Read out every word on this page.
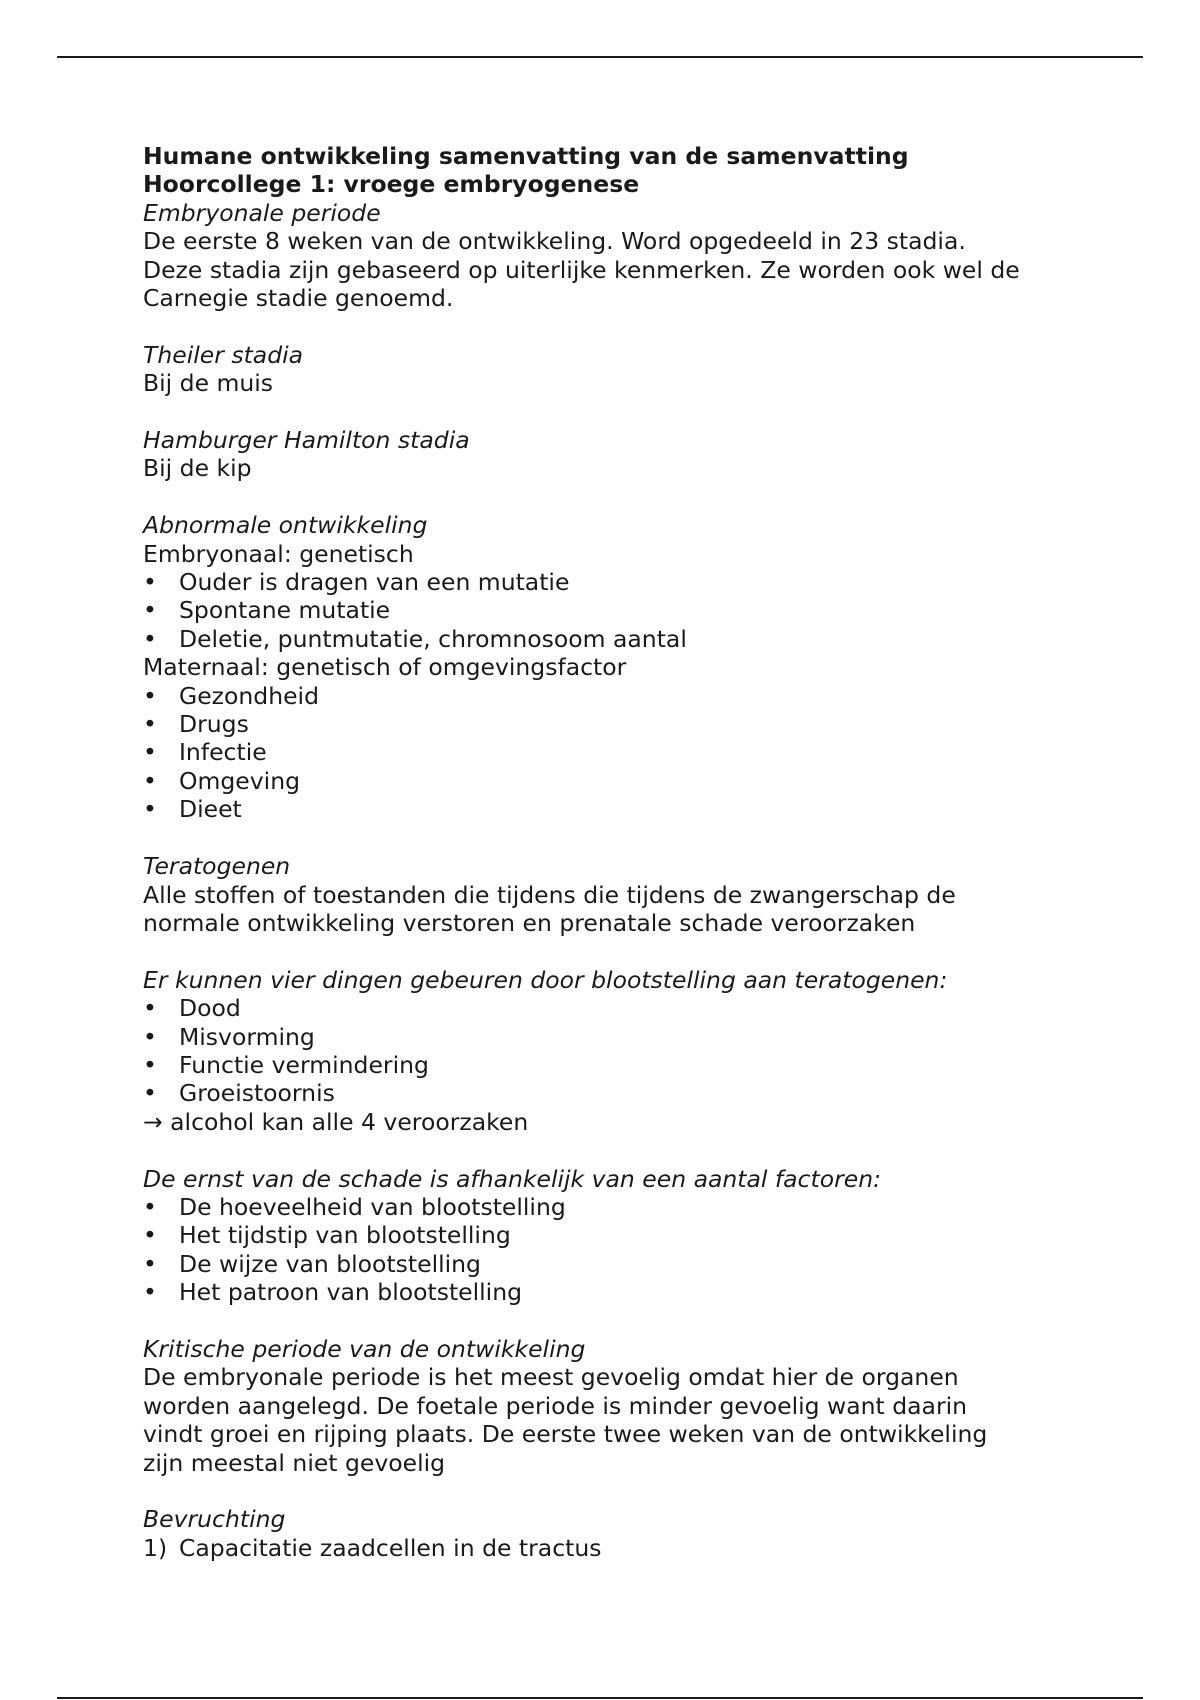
Humane ontwikkeling samenvatting van de samenvatting
Hoorcollege 1: vroege embryogenese
Embryonale periode
De eerste 8 weken van de ontwikkeling. Word opgedeeld in 23 stadia.
Deze stadia zijn gebaseerd op uiterlijke kenmerken. Ze worden ook wel de
Carnegie stadie genoemd.
Theiler stadia
Bij de muis
Hamburger Hamilton stadia
Bij de kip
Abnormale ontwikkeling
Embryonaal: genetisch
• Ouder is dragen van een mutatie
• Spontane mutatie
• Deletie, puntmutatie, chromnosoom aantal
Maternaal: genetisch of omgevingsfactor
• Gezondheid
• Drugs
• Infectie
• Omgeving
• Dieet
Teratogenen
Alle stoffen of toestanden die tijdens die tijdens de zwangerschap de
normale ontwikkeling verstoren en prenatale schade veroorzaken
Er kunnen vier dingen gebeuren door blootstelling aan teratogenen:
• Dood
• Misvorming
• Functie vermindering
• Groeistoornis
→ alcohol kan alle 4 veroorzaken
De ernst van de schade is afhankelijk van een aantal factoren:
• De hoeveelheid van blootstelling
• Het tijdstip van blootstelling
• De wijze van blootstelling
• Het patroon van blootstelling
Kritische periode van de ontwikkeling
De embryonale periode is het meest gevoelig omdat hier de organen
worden aangelegd. De foetale periode is minder gevoelig want daarin
vindt groei en rijping plaats. De eerste twee weken van de ontwikkeling
zijn meestal niet gevoelig
Bevruchting
1) Capacitatie zaadcellen in de tractus
